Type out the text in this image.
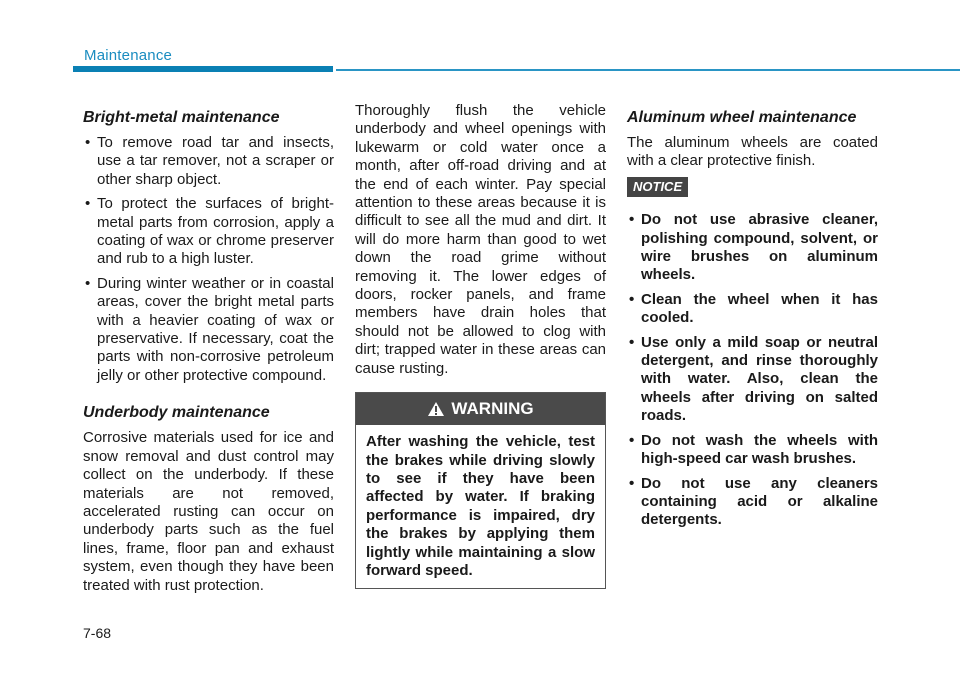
Maintenance
Bright-metal maintenance
• To remove road tar and insects, use a tar remover, not a scraper or other sharp object.
• To protect the surfaces of bright-metal parts from corrosion, apply a coating of wax or chrome preserver and rub to a high luster.
• During winter weather or in coastal areas, cover the bright metal parts with a heavier coating of wax or preservative. If necessary, coat the parts with non-corrosive petroleum jelly or other protective compound.
Underbody maintenance

Corrosive materials used for ice and snow removal and dust control may collect on the underbody. If these materials are not removed, accelerated rusting can occur on underbody parts such as the fuel lines, frame, floor pan and exhaust system, even though they have been treated with rust protection.

Thoroughly flush the vehicle underbody and wheel openings with lukewarm or cold water once a month, after off-road driving and at the end of each winter. Pay special attention to these areas because it is difficult to see all the mud and dirt. It will do more harm than good to wet down the road grime without removing it. The lower edges of doors, rocker panels, and frame members have drain holes that should not be allowed to clog with dirt; trapped water in these areas can cause rusting.

WARNING
After washing the vehicle, test the brakes while driving slowly to see if they have been affected by water. If braking performance is impaired, dry the brakes by applying them lightly while maintaining a slow forward speed.
Aluminum wheel maintenance

The aluminum wheels are coated with a clear protective finish.

NOTICE
• Do not use abrasive cleaner, polishing compound, solvent, or wire brushes on aluminum wheels.
• Clean the wheel when it has cooled.
• Use only a mild soap or neutral detergent, and rinse thoroughly with water. Also, clean the wheels after driving on salted roads.
• Do not wash the wheels with high-speed car wash brushes.
• Do not use any cleaners containing acid or alkaline detergents.
7-68
